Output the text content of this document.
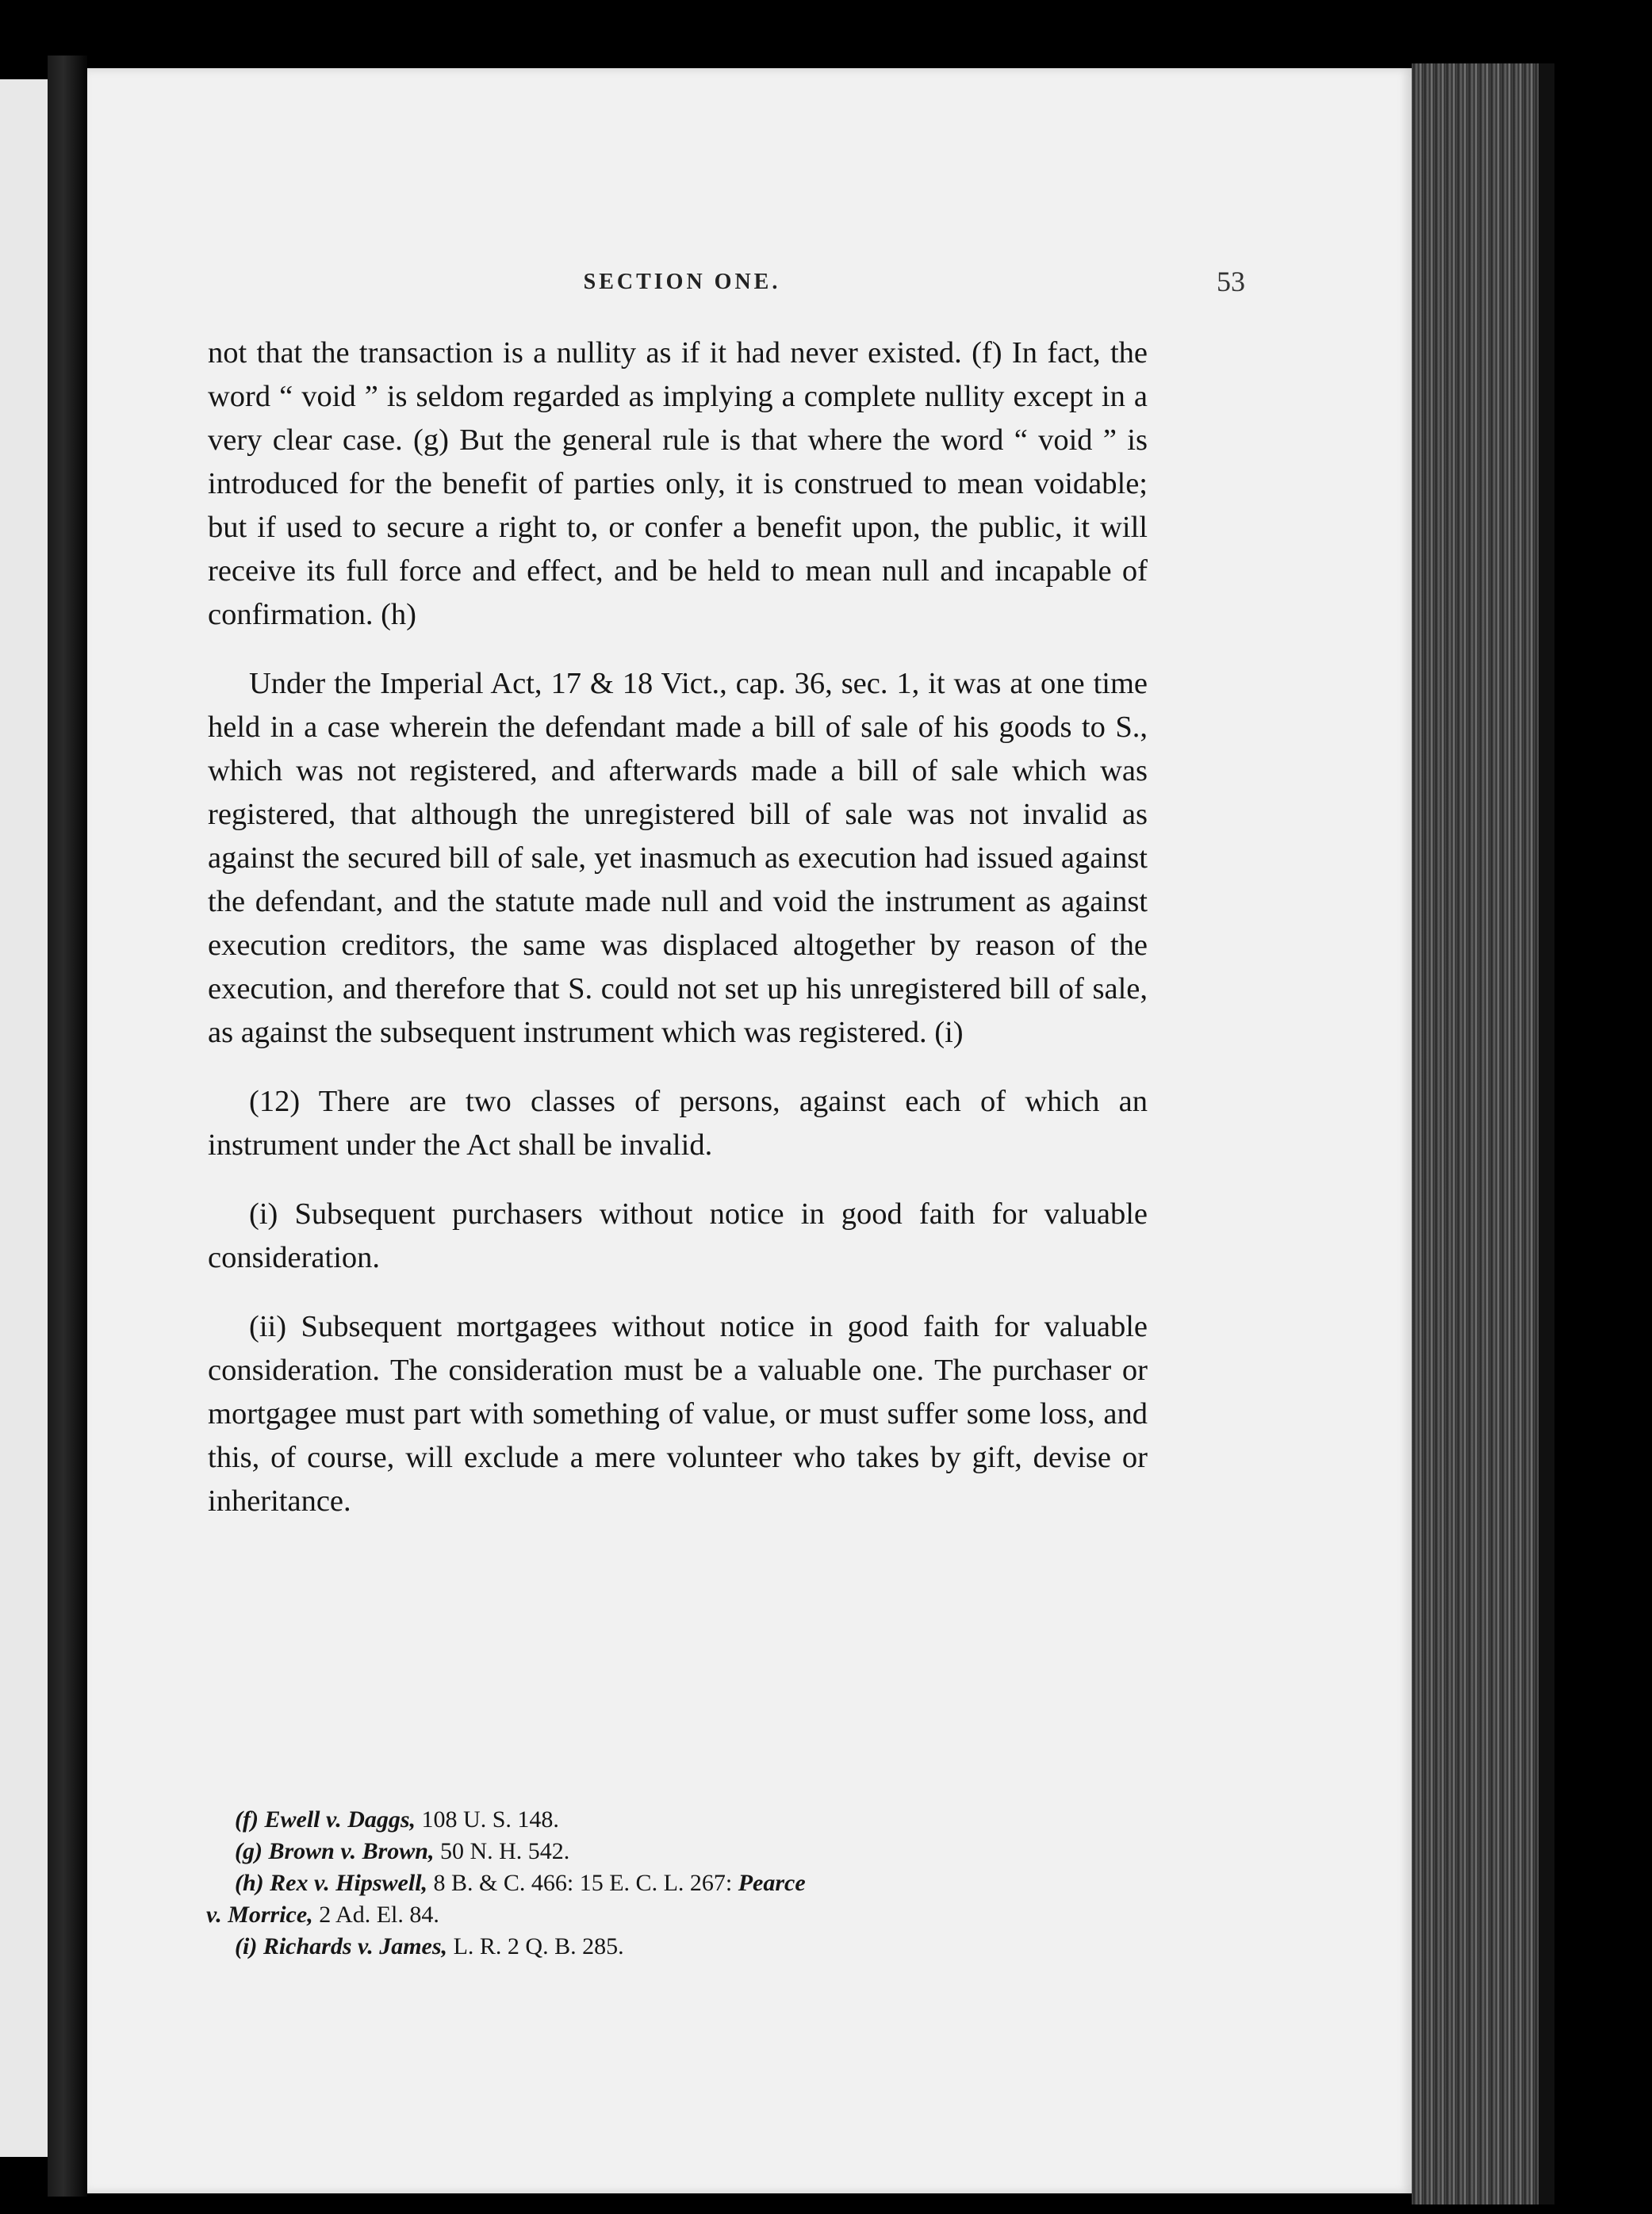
SECTION ONE.	53

not that the transaction is a nullity as if it had never existed. (f) In fact, the word “ void ” is seldom regarded as implying a complete nullity except in a very clear case. (g) But the general rule is that where the word “ void ” is introduced for the benefit of parties only, it is construed to mean voidable; but if used to secure a right to, or confer a benefit upon, the public, it will receive its full force and effect, and be held to mean null and incapable of confirmation. (h)

Under the Imperial Act, 17 & 18 Vict., cap. 36, sec. 1, it was at one time held in a case wherein the defendant made a bill of sale of his goods to S., which was not registered, and afterwards made a bill of sale which was registered, that although the unregistered bill of sale was not invalid as against the secured bill of sale, yet inasmuch as execution had issued against the defendant, and the statute made null and void the instrument as against execution creditors, the same was displaced altogether by reason of the execution, and therefore that S. could not set up his unregistered bill of sale, as against the subsequent instrument which was registered. (i)

(12) There are two classes of persons, against each of which an instrument under the Act shall be invalid.

(i) Subsequent purchasers without notice in good faith for valuable consideration.

(ii) Subsequent mortgagees without notice in good faith for valuable consideration. The consideration must be a valuable one. The purchaser or mortgagee must part with something of value, or must suffer some loss, and this, of course, will exclude a mere volunteer who takes by gift, devise or inheritance.

(f) Ewell v. Daggs, 108 U. S. 148.

(g) Brown v. Brown, 50 N. H. 542.

(h) Rex v. Hipswell, 8 B. & C. 466: 15 E. C. L. 267: Pearce

v. Morrice, 2 Ad. El. 84.

(i) Richards v. James, L. R. 2 Q. B. 285.
